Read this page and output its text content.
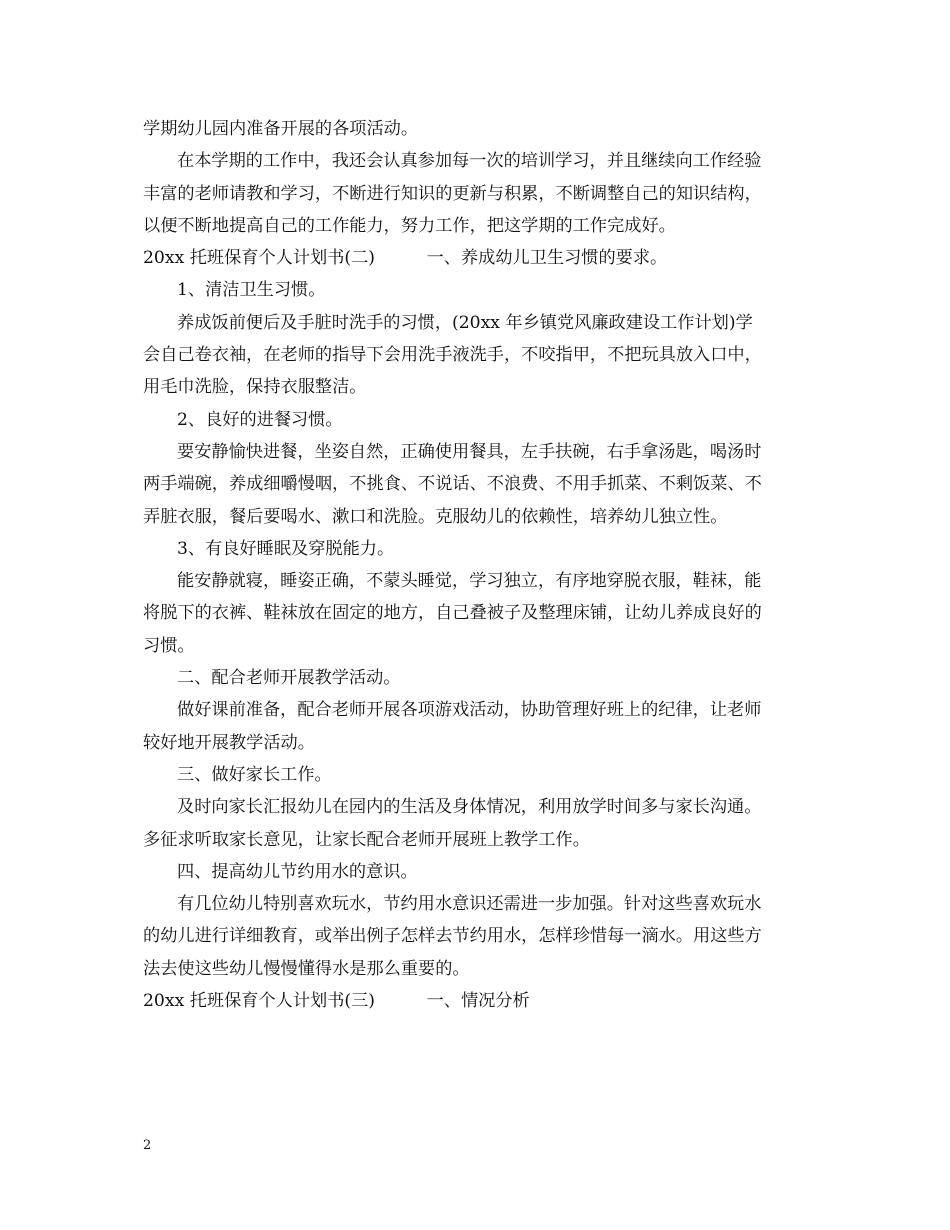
学期幼儿园内准备开展的各项活动。
在本学期的工作中，我还会认真参加每一次的培训学习，并且继续向工作经验
丰富的老师请教和学习，不断进行知识的更新与积累，不断调整自己的知识结构，
以便不断地提高自己的工作能力，努力工作，把这学期的工作完成好。
20xx 托班保育个人计划书(二)　　　一、养成幼儿卫生习惯的要求。
1、清洁卫生习惯。
养成饭前便后及手脏时洗手的习惯，(20xx 年乡镇党风廉政建设工作计划)学
会自己卷衣袖，在老师的指导下会用洗手液洗手，不咬指甲，不把玩具放入口中，
用毛巾洗脸，保持衣服整洁。
2、良好的进餐习惯。
要安静愉快进餐，坐姿自然，正确使用餐具，左手扶碗，右手拿汤匙，喝汤时
两手端碗，养成细嚼慢咽，不挑食、不说话、不浪费、不用手抓菜、不剩饭菜、不
弄脏衣服，餐后要喝水、漱口和洗脸。克服幼儿的依赖性，培养幼儿独立性。
3、有良好睡眠及穿脱能力。
能安静就寝，睡姿正确，不蒙头睡觉，学习独立，有序地穿脱衣服，鞋袜，能
将脱下的衣裤、鞋袜放在固定的地方，自己叠被子及整理床铺，让幼儿养成良好的
习惯。
二、配合老师开展教学活动。
做好课前准备，配合老师开展各项游戏活动，协助管理好班上的纪律，让老师
较好地开展教学活动。
三、做好家长工作。
及时向家长汇报幼儿在园内的生活及身体情况，利用放学时间多与家长沟通。
多征求听取家长意见，让家长配合老师开展班上教学工作。
四、提高幼儿节约用水的意识。
有几位幼儿特别喜欢玩水，节约用水意识还需进一步加强。针对这些喜欢玩水
的幼儿进行详细教育，或举出例子怎样去节约用水，怎样珍惜每一滴水。用这些方
法去使这些幼儿慢慢懂得水是那么重要的。
20xx 托班保育个人计划书(三)　　　一、情况分析
2
